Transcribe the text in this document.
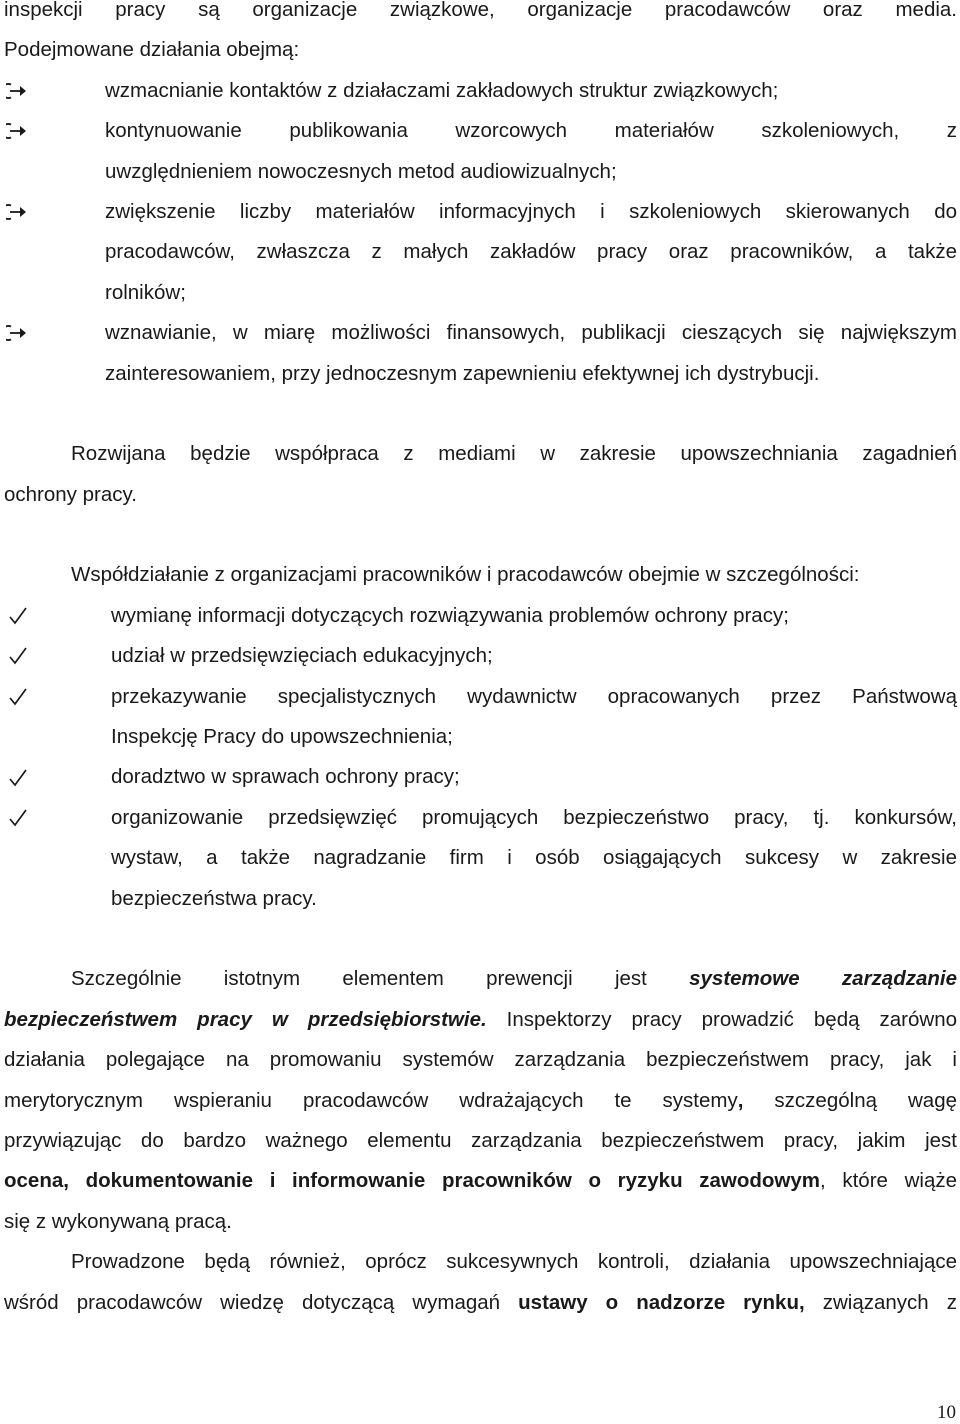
inspekcji pracy są organizacje związkowe, organizacje pracodawców oraz media.
Podejmowane działania obejmą:
wzmacnianie kontaktów z działaczami zakładowych struktur związkowych;
kontynuowanie publikowania wzorcowych materiałów szkoleniowych, z
uwzględnieniem nowoczesnych metod audiowizualnych;
zwiększenie liczby materiałów informacyjnych i szkoleniowych skierowanych do
pracodawców, zwłaszcza z małych zakładów pracy oraz pracowników, a także
rolników;
wznawianie, w miarę możliwości finansowych, publikacji cieszących się największym
zainteresowaniem, przy jednoczesnym zapewnieniu efektywnej ich dystrybucji.
Rozwijana będzie współpraca z mediami w zakresie upowszechniania zagadnień
ochrony pracy.
Współdziałanie z organizacjami pracowników i pracodawców obejmie w szczególności:
wymianę informacji dotyczących rozwiązywania problemów ochrony pracy;
udział w przedsięwzięciach edukacyjnych;
przekazywanie specjalistycznych wydawnictw opracowanych przez Państwową
Inspekcję Pracy do upowszechnienia;
doradztwo w sprawach ochrony pracy;
organizowanie przedsięwzięć promujących bezpieczeństwo pracy, tj. konkursów,
wystaw, a także nagradzanie firm i osób osiągających sukcesy w zakresie
bezpieczeństwa pracy.
Szczególnie istotnym elementem prewencji jest systemowe zarządzanie
bezpieczeństwem pracy w przedsiębiorstwie. Inspektorzy pracy prowadzić będą zarówno
działania polegające na promowaniu systemów zarządzania bezpieczeństwem pracy, jak i
merytorycznym wspieraniu pracodawców wdrażających te systemy, szczególną wagę
przywiązując do bardzo ważnego elementu zarządzania bezpieczeństwem pracy, jakim jest
ocena, dokumentowanie i informowanie pracowników o ryzyku zawodowym, które wiąże
się z wykonywaną pracą.
Prowadzone będą również, oprócz sukcesywnych kontroli, działania upowszechniające
wśród pracodawców wiedzę dotyczącą wymagań ustawy o nadzorze rynku, związanych z
10
